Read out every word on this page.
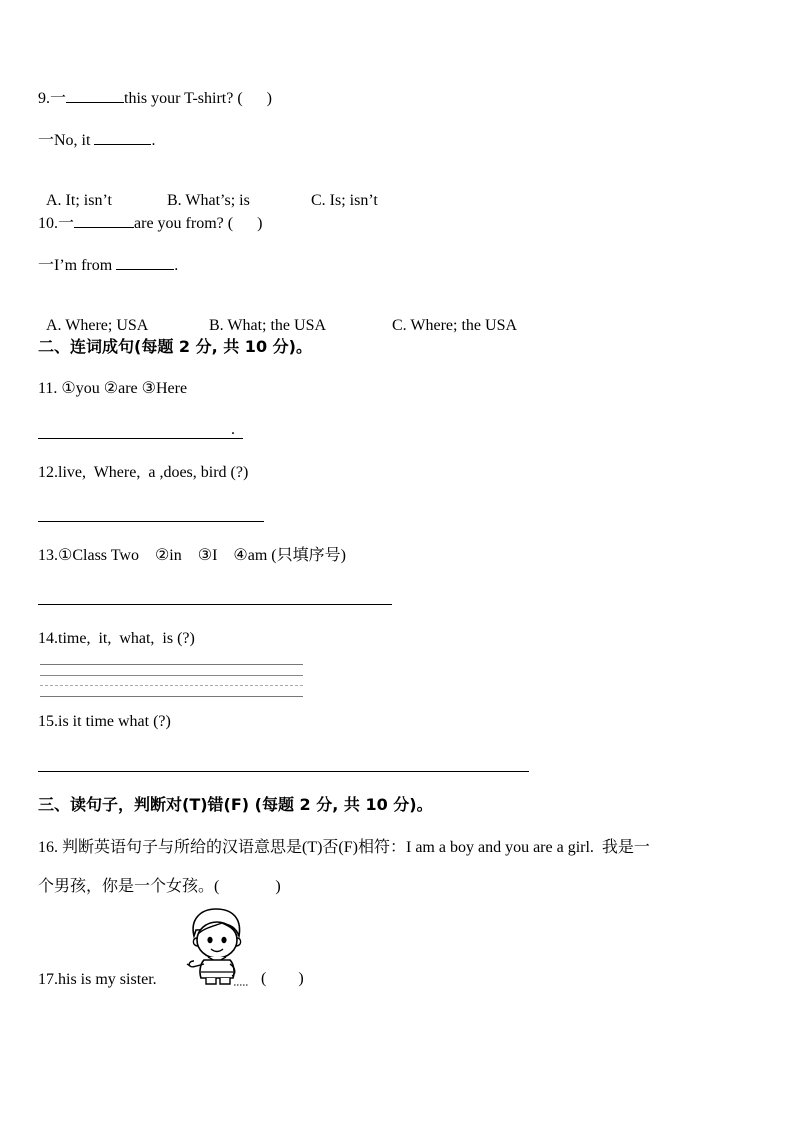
9.一	this your T-shirt? (      )
一No, it	.

A. It; isn’t	B. What’s; is	C. Is; isn’t

10.一	are you from? (      )
一I’m from	.

A. Where; USA	B. What; the USA	C. Where; the USA

二、连词成句(每题 2 分, 共 10 分)。
11. ①you ②are ③Here
.
12.live,  Where,  a ,does, bird (?)
13.①Class Two    ②in    ③I    ④am (只填序号)
14.time,  it,  what,  is (?)
15.is it time what (?)
三、读句子，判断对(T)错(F) (每题 2 分, 共 10 分)。
16. 判断英语句子与所给的汉语意思是(T)否(F)相符：I am a boy and you are a girl.  我是一
个男孩，你是一个女孩。(              )
17.his is my sister.	(        )
